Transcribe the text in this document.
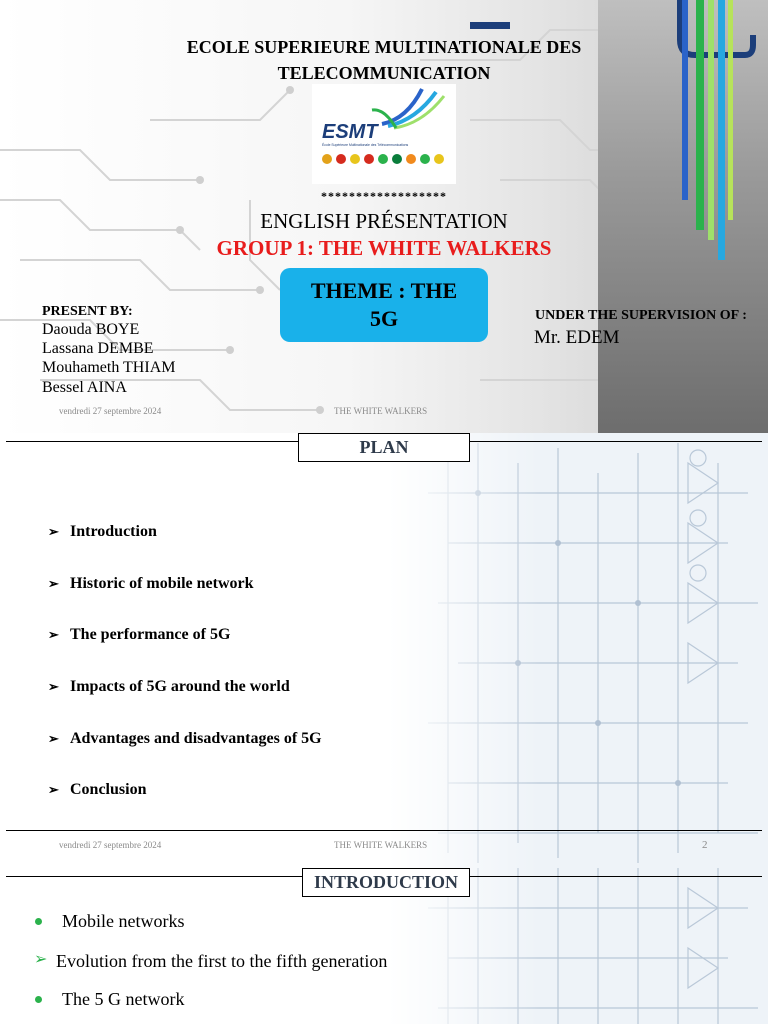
ECOLE SUPERIEURE MULTINATIONALE DES
TELECOMMUNICATION
ESMT
École Supérieure Multinationale des Télécommunications
******************
ENGLISH PRÉSENTATION
GROUP 1: THE WHITE WALKERS
THEME : THE
5G
PRESENT BY:
Daouda BOYE
Lassana DEMBE
Mouhameth THIAM
Bessel AINA
UNDER THE SUPERVISION OF :
Mr. EDEM
vendredi 27 septembre 2024	THE WHITE WALKERS
PLAN
➢ Introduction
➢ Historic of mobile network
➢ The performance of 5G
➢ Impacts of 5G around the world
➢ Advantages and disadvantages of 5G
➢ Conclusion
vendredi 27 septembre 2024	THE WHITE WALKERS	2
INTRODUCTION
Mobile networks
➢ Evolution from the first to the fifth generation
The 5 G network
